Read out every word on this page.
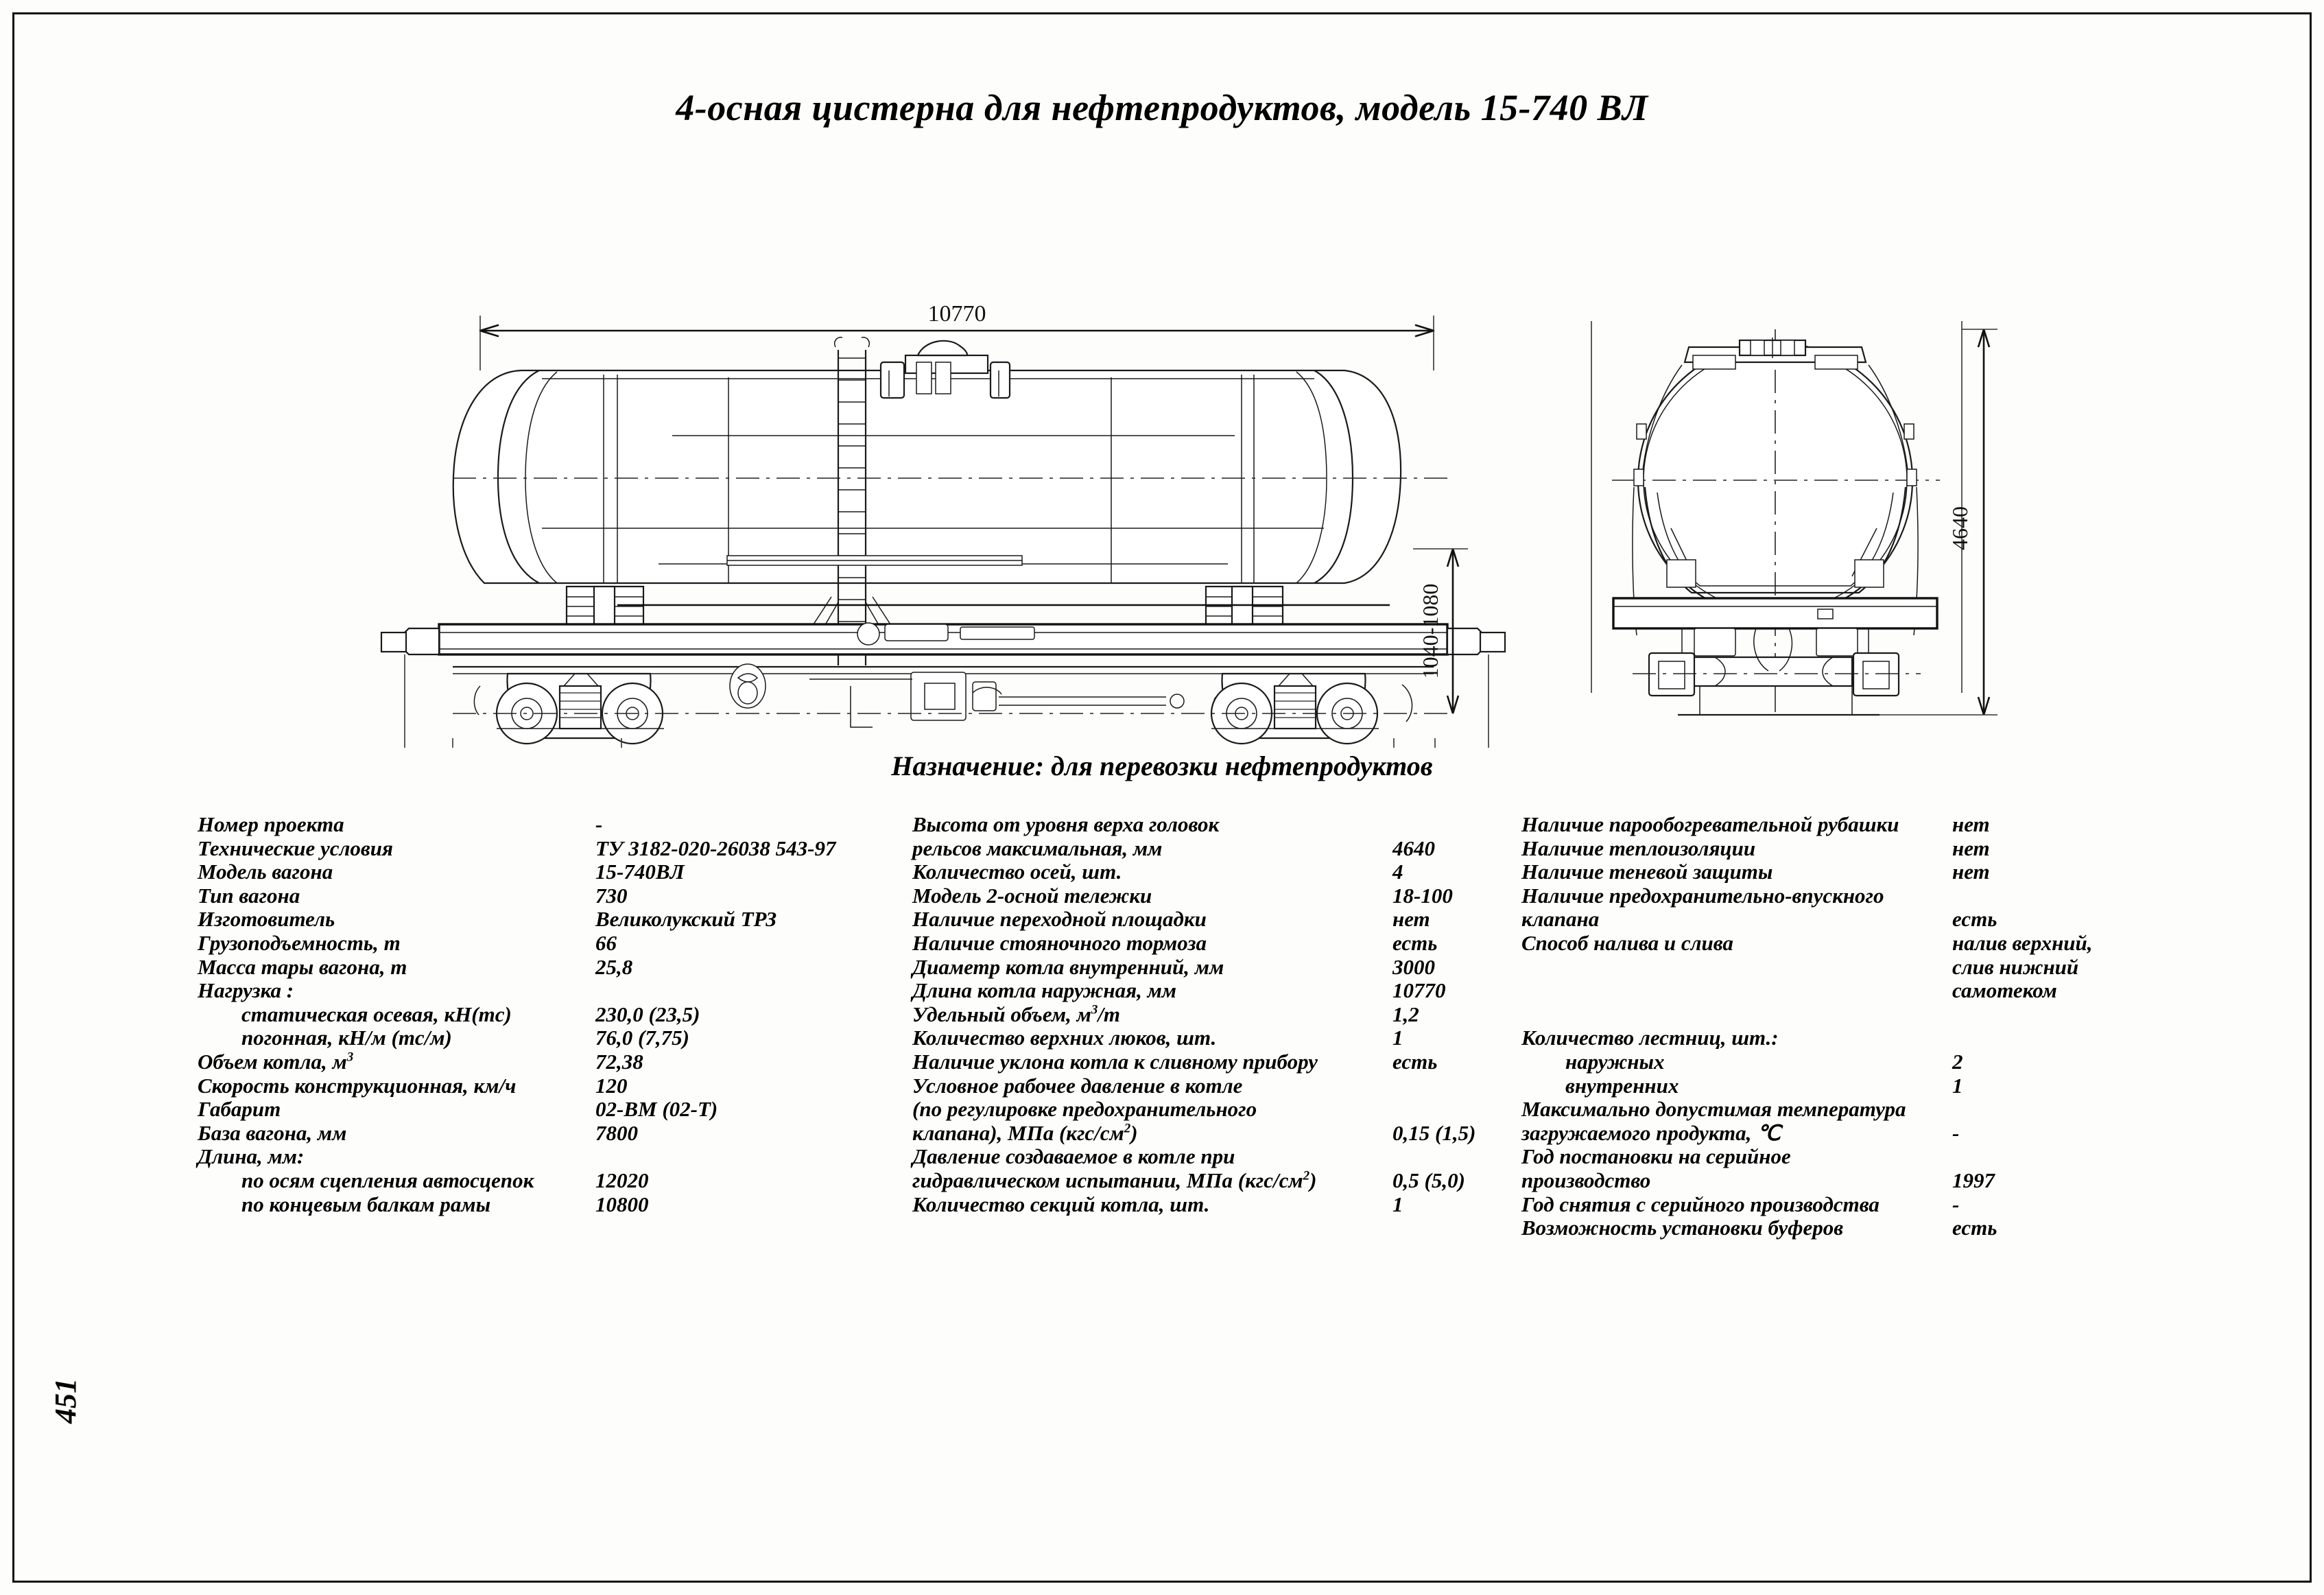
4-осная цистерна для нефтепродуктов, модель 15-740 ВЛ
1040-1080
4640
10770
Назначение: для перевозки нефтепродуктов
Номер проекта	-
Технические условия	ТУ 3182-020-26038 543-97
Модель вагона	15-740ВЛ
Тип вагона	730
Изготовитель	Великолукский ТРЗ
Грузоподъемность, т	66
Масса тары вагона, т	25,8
Нагрузка :
статическая осевая, кН(тс)	230,0 (23,5)
погонная, кН/м (тс/м)	76,0 (7,75)
Объем котла, $м^3$	72,38
Скорость конструкционная, км/ч	120
Габарит	02-ВМ (02-Т)
База вагона, мм	7800
Длина, мм:
по осям сцепления автосцепок	12020
по концевым балкам рамы	10800
Высота от уровня верха головок
рельсов максимальная, мм	4640
Количество осей, шт.	4
Модель 2-осной тележки	18-100
Наличие переходной площадки	нет
Наличие стояночного тормоза	есть
Диаметр котла внутренний, мм	3000
Длина котла наружная, мм	10770
Удельный объем, $м^3/т$	1,2
Количество верхних люков, шт.	1
Наличие уклона котла к сливному прибору	есть
Условное рабочее давление в котле
(по регулировке предохранительного
клапана), МПа $(кгс/см^2)$	0,15 (1,5)
Давление создаваемое в котле при
гидравлическом испытании, МПа $(кгс/см^2)$	0,5 (5,0)
Количество секций котла, шт.	1
Наличие парообогревательной рубашки	нет
Наличие теплоизоляции	нет
Наличие теневой защиты	нет
Наличие предохранительно-впускного
клапана	есть
Способ налива и слива	налив верхний,
слив нижний
самотеком
Количество лестниц, шт.:
наружных	2
внутренних	1
Максимально допустимая температура
загружаемого продукта, ℃	-
Год постановки на серийное
производство	1997
Год снятия с серийного производства	-
Возможность установки буферов	есть
451
